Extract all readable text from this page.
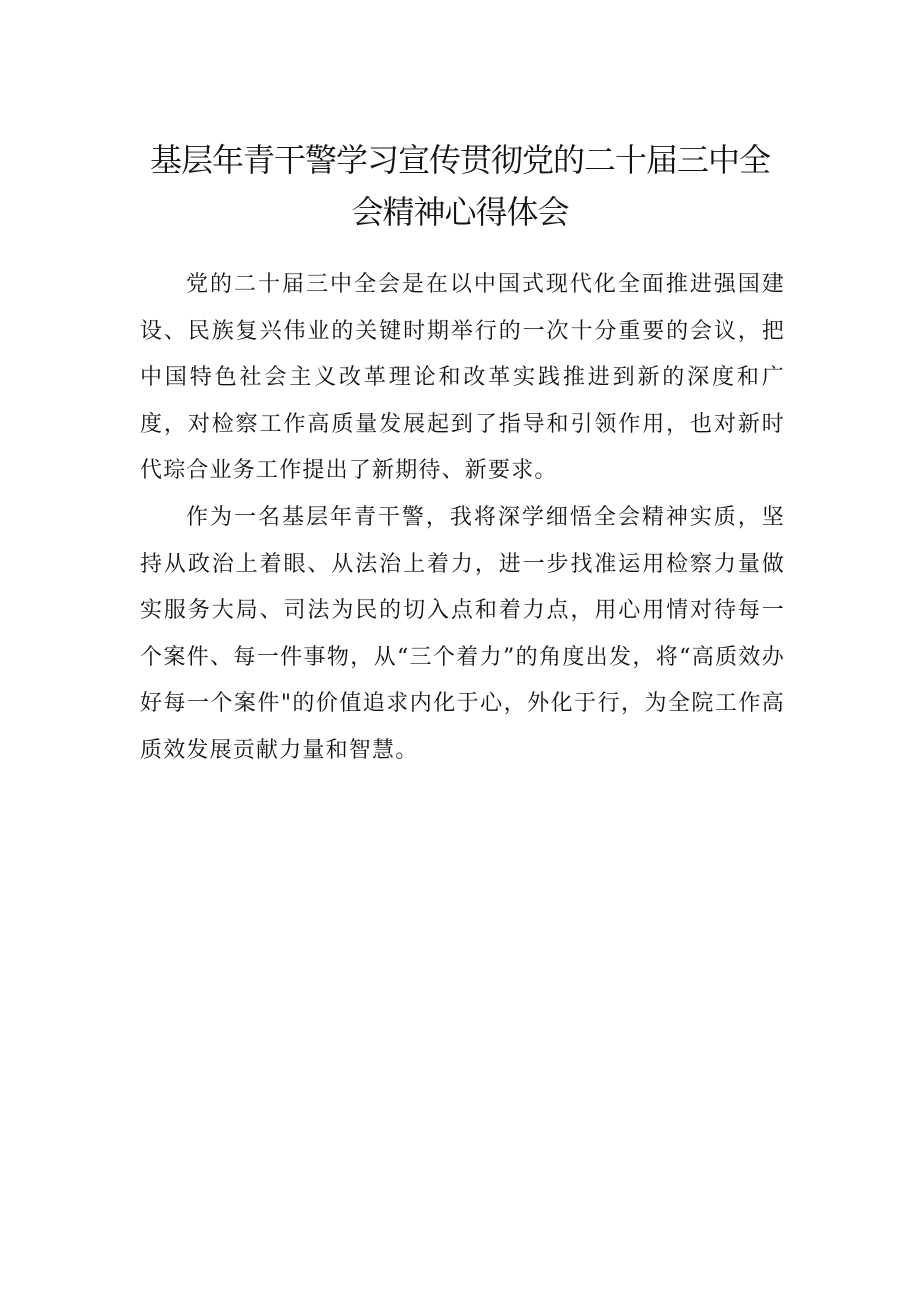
基层年青干警学习宣传贯彻党的二十届三中全
会精神心得体会

党的二十届三中全会是在以中国式现代化全面推进强国建设、民族复兴伟业的关键时期举行的一次十分重要的会议，把中国特色社会主义改革理论和改革实践推进到新的深度和广度，对检察工作高质量发展起到了指导和引领作用，也对新时代琮合业务工作提出了新期待、新要求。

作为一名基层年青干警，我将深学细悟全会精神实质，坚持从政治上着眼、从法治上着力，进一步找准运用检察力量做实服务大局、司法为民的切入点和着力点，用心用情对待每一个案件、每一件事物，从“三个着力”的角度出发，将“高质效办好每一个案件"的价值追求内化于心，外化于行，为全院工作高质效发展贡献力量和智慧。
